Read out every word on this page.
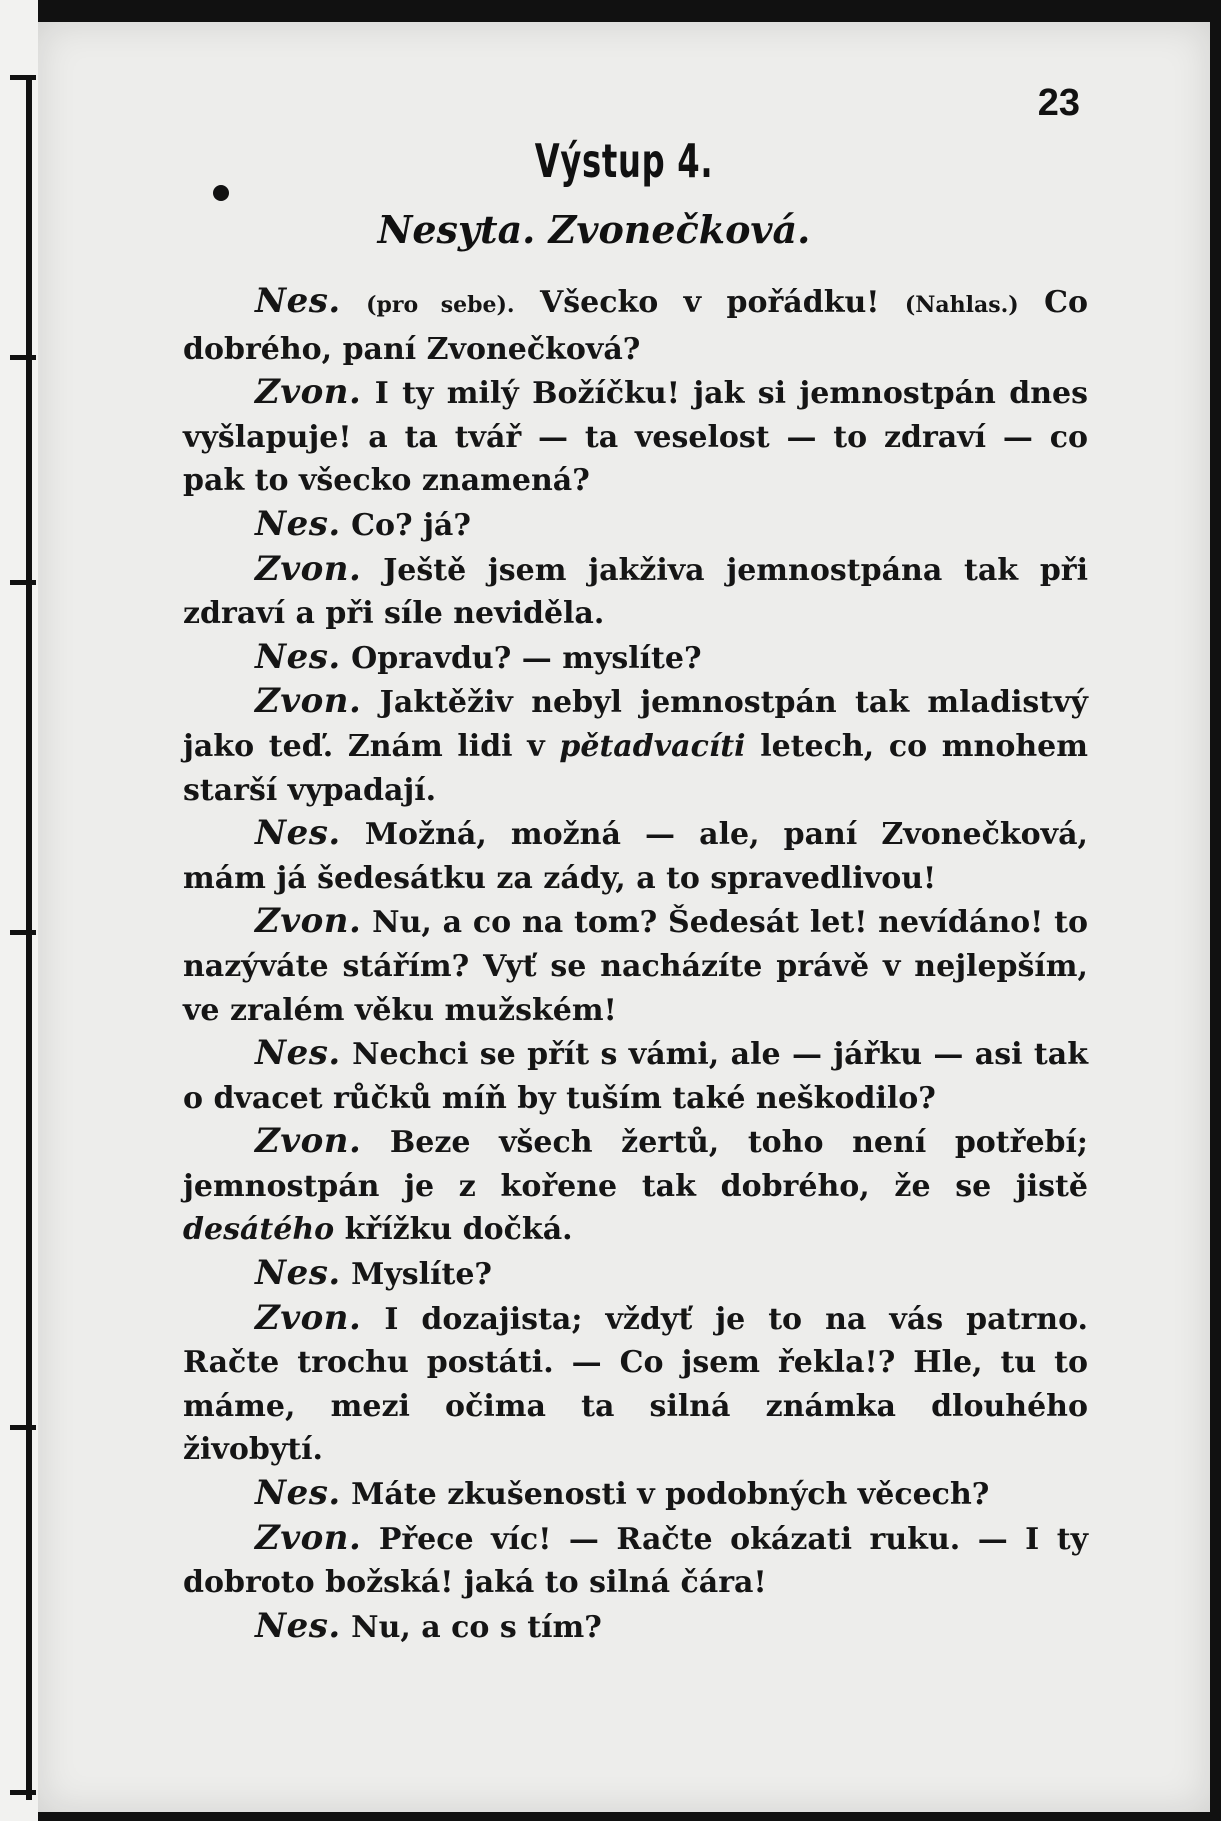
23
Výstup 4.
Nesyta. Zvonečková.

Nes. (pro sebe). Všecko v pořádku! (Nahlas.) Co dobrého, paní Zvonečková?

Zvon. I ty milý Božíčku! jak si jemnostpán dnes vyšlapuje! a ta tvář — ta veselost — to zdraví — co pak to všecko znamená?

Nes. Co? já?

Zvon. Ještě jsem jakživa jemnostpána tak při zdraví a při síle neviděla.

Nes. Opravdu? — myslíte?

Zvon. Jaktěživ nebyl jemnostpán tak mladistvý jako teď. Znám lidi v pětadvacíti letech, co mnohem starší vypadají.

Nes. Možná, možná — ale, paní Zvonečková, mám já šedesátku za zády, a to spravedlivou!

Zvon. Nu, a co na tom? Šedesát let! nevídáno! to nazýváte stářím? Vyť se nacházíte právě v nejlepším, ve zralém věku mužském!

Nes. Nechci se přít s vámi, ale — jářku — asi tak o dvacet růčků míň by tuším také neškodilo?

Zvon. Beze všech žertů, toho není potřebí; jemnostpán je z kořene tak dobrého, že se jistě desátého křížku dočká.

Nes. Myslíte?

Zvon. I dozajista; vždyť je to na vás patrno. Račte trochu postáti. — Co jsem řekla!? Hle, tu to máme, mezi očima ta silná známka dlouhého živobytí.

Nes. Máte zkušenosti v podobných věcech?

Zvon. Přece víc! — Račte okázati ruku. — I ty dobroto božská! jaká to silná čára!

Nes. Nu, a co s tím?
